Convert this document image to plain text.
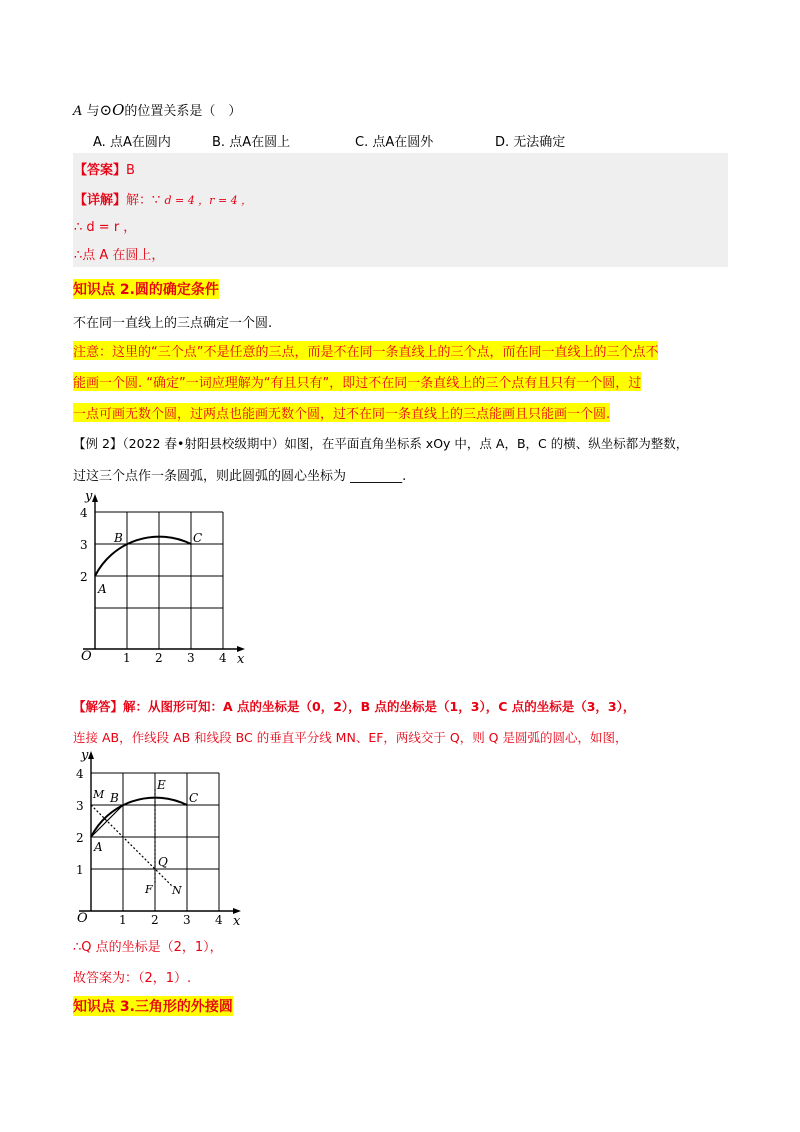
A 与⊙O的位置关系是（　）
A. 点A在圆内	B. 点A在圆上	C. 点A在圆外	D. 无法确定
【答案】B
【详解】解：∵ d = 4 ，r = 4 ，
∴ d = r ，
∴点 A 在圆上，
知识点 2.圆的确定条件
不在同一直线上的三点确定一个圆.
注意：这里的“三个点”不是任意的三点，而是不在同一条直线上的三个点，而在同一直线上的三个点不
能画一个圆. “确定”一词应理解为“有且只有”，即过不在同一条直线上的三个点有且只有一个圆，过
一点可画无数个圆，过两点也能画无数个圆，过不在同一条直线上的三点能画且只能画一个圆.
【例 2】（2022 春•射阳县校级期中）如图，在平面直角坐标系 xOy 中，点 A，B，C 的横、纵坐标都为整数，
过这三个点作一条圆弧，则此圆弧的圆心坐标为 ________.
y
x
O	1 2 3 4
2
3
4
A
B	C
【解答】解：从图形可知：A 点的坐标是（0，2），B 点的坐标是（1，3），C 点的坐标是（3，3），
连接 AB，作线段 AB 和线段 BC 的垂直平分线 MN、EF，两线交于 Q，则 Q 是圆弧的圆心，如图，
y
x
O	1 2 3 4
1
2
3
4
M B	C
E
A
Q
F N
∴Q 点的坐标是（2，1），
故答案为：（2，1）.
知识点 3.三角形的外接圆
